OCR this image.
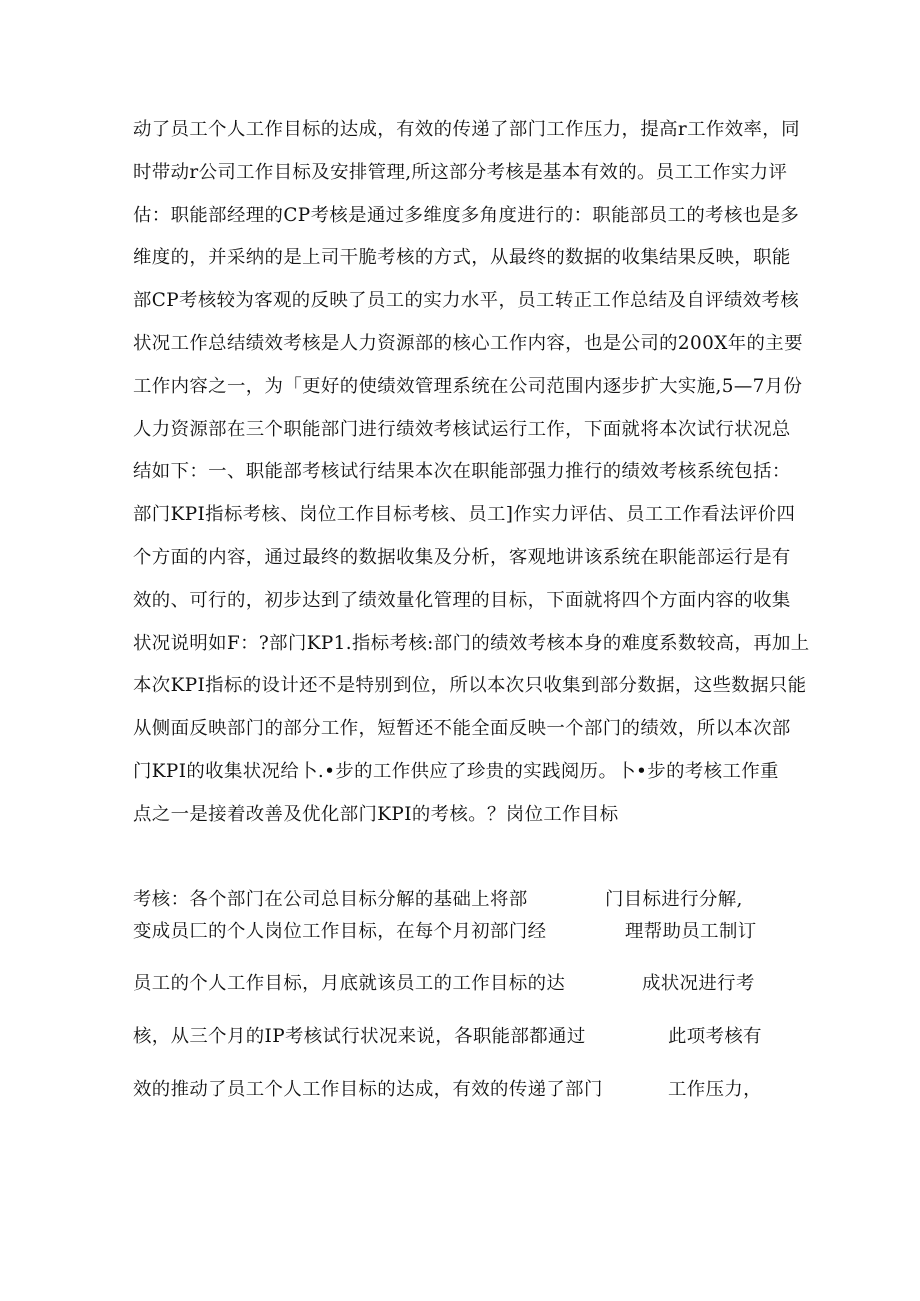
动了员工个人工作目标的达成，有效的传递了部门工作压力，提高r工作效率，同
时带动r公司工作目标及安排管理,所这部分考核是基本有效的。员工工作实力评
估：职能部经理的CP考核是通过多维度多角度进行的：职能部员工的考核也是多
维度的，并采纳的是上司干脆考核的方式，从最终的数据的收集结果反映，职能
部CP考核较为客观的反映了员工的实力水平，员工转正工作总结及自评绩效考核
状况工作总结绩效考核是人力资源部的核心工作内容，也是公司的200X年的主要
工作内容之一，为「更好的使绩效管理系统在公司范围内逐步扩大实施,5—7月份
人力资源部在三个职能部门进行绩效考核试运行工作，下面就将本次试行状况总
结如下：一、职能部考核试行结果本次在职能部强力推行的绩效考核系统包括：
部门KPI指标考核、岗位工作目标考核、员工]作实力评估、员工工作看法评价四
个方面的内容，通过最终的数据收集及分析，客观地讲该系统在职能部运行是有
效的、可行的，初步达到了绩效量化管理的目标，下面就将四个方面内容的收集
状况说明如F：?部门KP1.指标考核:部门的绩效考核本身的难度系数较高，再加上
本次KPI指标的设计还不是特别到位，所以本次只收集到部分数据，这些数据只能
从侧面反映部门的部分工作，短暂还不能全面反映一个部门的绩效，所以本次部
门KPI的收集状况给卜.•步的工作供应了珍贵的实践阅历。卜•步的考核工作重
点之一是接着改善及优化部门KPI的考核。？岗位工作目标
考核：各个部门在公司总目标分解的基础上将部	门目标进行分解,
变成员匚的个人岗位工作目标，在每个月初部门经	理帮助员工制订
员工的个人工作目标，月底就该员工的工作目标的达	成状况进行考
核，从三个月的IP考核试行状况来说，各职能部都通过	此项考核有
效的推动了员工个人工作目标的达成，有效的传递了部门	工作压力，
